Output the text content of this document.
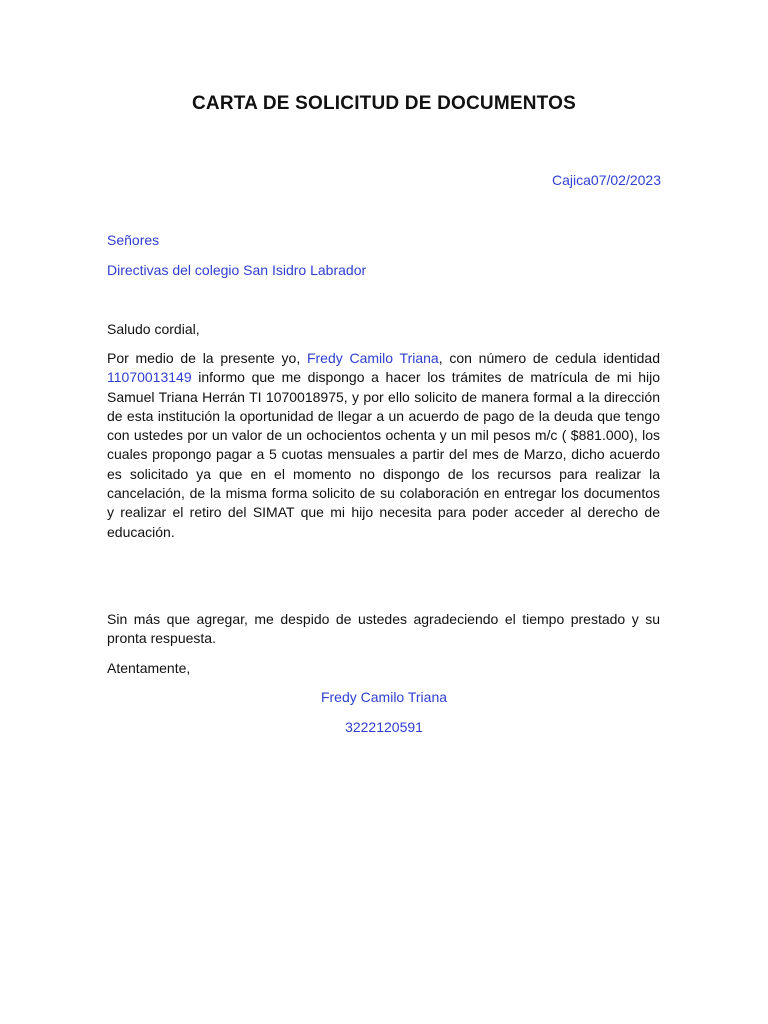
CARTA DE SOLICITUD DE DOCUMENTOS
Cajica07/02/2023
Señores
Directivas del colegio San Isidro Labrador
Saludo cordial,
Por medio de la presente yo, Fredy Camilo Triana, con número de cedula identidad 11070013149 informo que me dispongo a hacer los trámites de matrícula de mi hijo Samuel Triana Herrán TI 1070018975, y por ello solicito de manera formal a la dirección de esta institución la oportunidad de llegar a un acuerdo de pago de la deuda que tengo con ustedes por un valor de un ochocientos ochenta y un mil pesos m/c ( $881.000), los cuales propongo pagar a 5 cuotas mensuales a partir del mes de Marzo, dicho acuerdo es solicitado ya que en el momento no dispongo de los recursos para realizar la cancelación, de la misma forma solicito de su colaboración en entregar los documentos y realizar el retiro del SIMAT que mi hijo necesita para poder acceder al derecho de educación.
Sin más que agregar, me despido de ustedes agradeciendo el tiempo prestado y su pronta respuesta.
Atentamente,
Fredy Camilo Triana
3222120591
